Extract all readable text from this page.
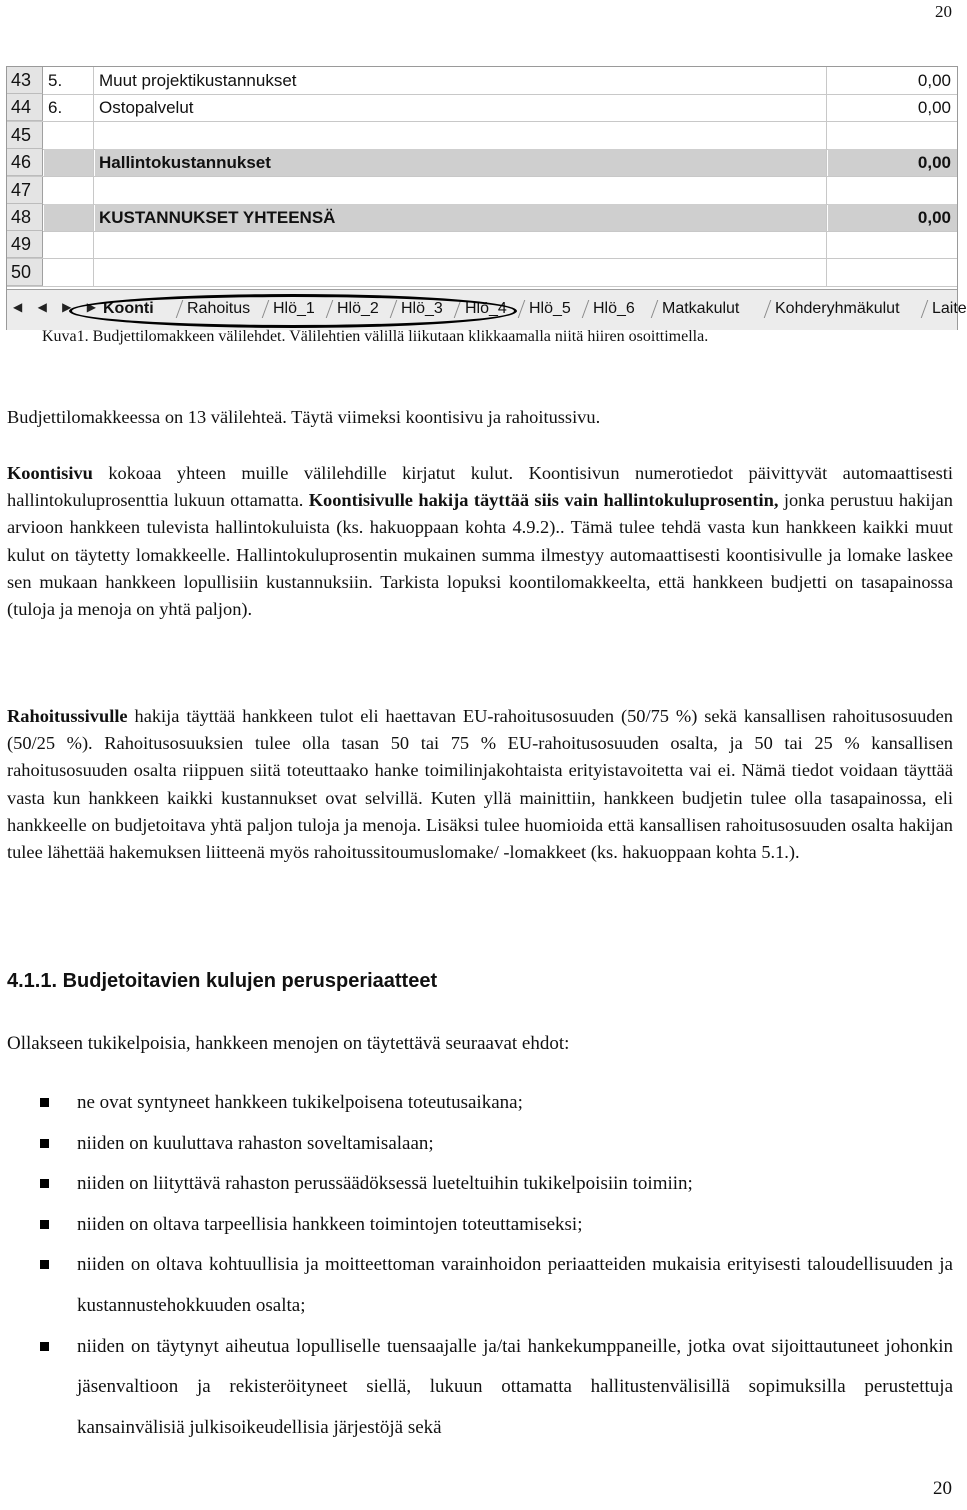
20
43 5.	Muut projektikustannukset	0,00
44 6.	Ostopalvelut	0,00
45
46	Hallintokustannukset	0,00
47
48	KUSTANNUKSET YHTEENSÄ	0,00
49
50
◀ ◀ ▶ ▶ Koonti Rahoitus Hlö_1 Hlö_2 Hlö_3 Hlö_4 Hlö_5 Hlö_6 Matkakulut Kohderyhmäkulut Laite
Kuva1. Budjettilomakkeen välilehdet. Välilehtien välillä liikutaan klikkaamalla niitä hiiren osoittimella.
Budjettilomakkeessa on 13 välilehteä. Täytä viimeksi koontisivu ja rahoitussivu.
Koontisivu kokoaa yhteen muille välilehdille kirjatut kulut. Koontisivun numerotiedot päivittyvät automaattisesti hallintokuluprosenttia lukuun ottamatta. Koontisivulle hakija täyttää siis vain hallintokuluprosentin, jonka perustuu hakijan arvioon hankkeen tulevista hallintokuluista (ks. hakuoppaan kohta 4.9.2).. Tämä tulee tehdä vasta kun hankkeen kaikki muut kulut on täytetty lomakkeelle. Hallintokuluprosentin mukainen summa ilmestyy automaattisesti koontisivulle ja lomake laskee sen mukaan hankkeen lopullisiin kustannuksiin. Tarkista lopuksi koontilomakkeelta, että hankkeen budjetti on tasapainossa (tuloja ja menoja on yhtä paljon).
Rahoitussivulle hakija täyttää hankkeen tulot eli haettavan EU-rahoitusosuuden (50/75 %) sekä kansallisen rahoitusosuuden (50/25 %). Rahoitusosuuksien tulee olla tasan 50 tai 75 % EU-rahoitusosuuden osalta, ja 50 tai 25 % kansallisen rahoitusosuuden osalta riippuen siitä toteuttaako hanke toimilinjakohtaista erityistavoitetta vai ei. Nämä tiedot voidaan täyttää vasta kun hankkeen kaikki kustannukset ovat selvillä. Kuten yllä mainittiin, hankkeen budjetin tulee olla tasapainossa, eli hankkeelle on budjetoitava yhtä paljon tuloja ja menoja. Lisäksi tulee huomioida että kansallisen rahoitusosuuden osalta hakijan tulee lähettää hakemuksen liitteenä myös rahoitussitoumuslomake/ -lomakkeet (ks. hakuoppaan kohta 5.1.).
4.1.1. Budjetoitavien kulujen perusperiaatteet
Ollakseen tukikelpoisia, hankkeen menojen on täytettävä seuraavat ehdot:
ne ovat syntyneet hankkeen tukikelpoisena toteutusaikana;
niiden on kuuluttava rahaston soveltamisalaan;
niiden on liityttävä rahaston perussäädöksessä lueteltuihin tukikelpoisiin toimiin;
niiden on oltava tarpeellisia hankkeen toimintojen toteuttamiseksi;
niiden on oltava kohtuullisia ja moitteettoman varainhoidon periaatteiden mukaisia erityisesti taloudellisuuden ja kustannustehokkuuden osalta;
niiden on täytynyt aiheutua lopulliselle tuensaajalle ja/tai hankekumppaneille, jotka ovat sijoittautuneet johonkin jäsenvaltioon ja rekisteröityneet siellä, lukuun ottamatta hallitustenvälisillä sopimuksilla perustettuja kansainvälisiä julkisoikeudellisia järjestöjä sekä
20
